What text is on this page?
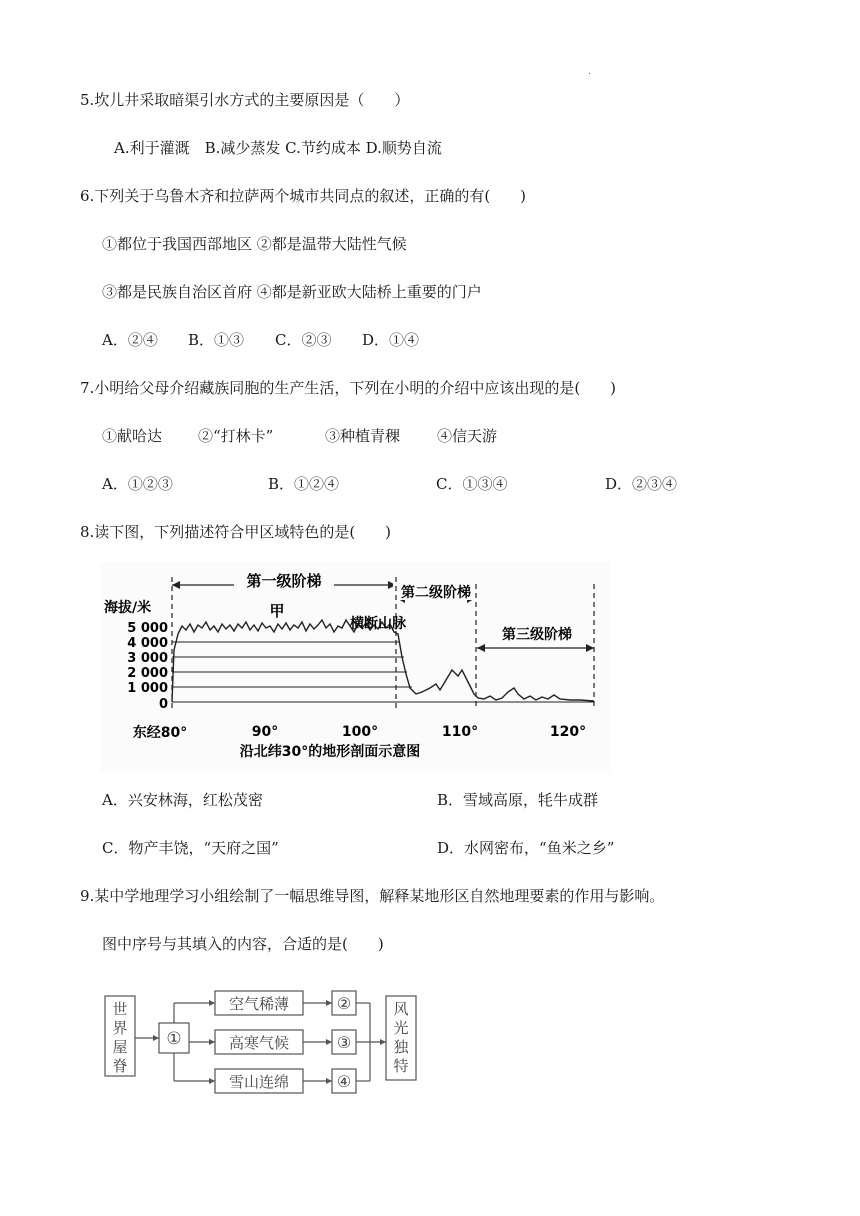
.
5.坎儿井采取暗渠引水方式的主要原因是（　　）
A.利于灌溉　B.减少蒸发 C.节约成本 D.顺势自流
6.下列关于乌鲁木齐和拉萨两个城市共同点的叙述，正确的有(　　)
①都位于我国西部地区 ②都是温带大陆性气候
③都是民族自治区首府 ④都是新亚欧大陆桥上重要的门户
A．②④ B．①③ C．②③ D．①④
7.小明给父母介绍藏族同胞的生产生活，下列在小明的介绍中应该出现的是(　　)
①献哈达 ②“打林卡”	③种植青稞 ④信天游
A．①②③	B．①②④	C．①③④	D．②③④
8.读下图，下列描述符合甲区域特色的是(　　)
第一级阶梯
第二级阶梯
第三级阶梯
海拔/米
5 000
4 000
3 000
2 000
1 000
0
甲
横断山脉
东经80°	90°	100°	110°	120°
沿北纬30°的地形剖面示意图
A．兴安林海，红松茂密	B．雪域高原，牦牛成群
C．物产丰饶，“天府之国”	D．水网密布，“鱼米之乡”
9.某中学地理学习小组绘制了一幅思维导图，解释某地形区自然地理要素的作用与影响。
图中序号与其填入的内容，合适的是(　　)
世界屋脊
①
空气稀薄
高寒气候
雪山连绵
②
③
④
风光独特
